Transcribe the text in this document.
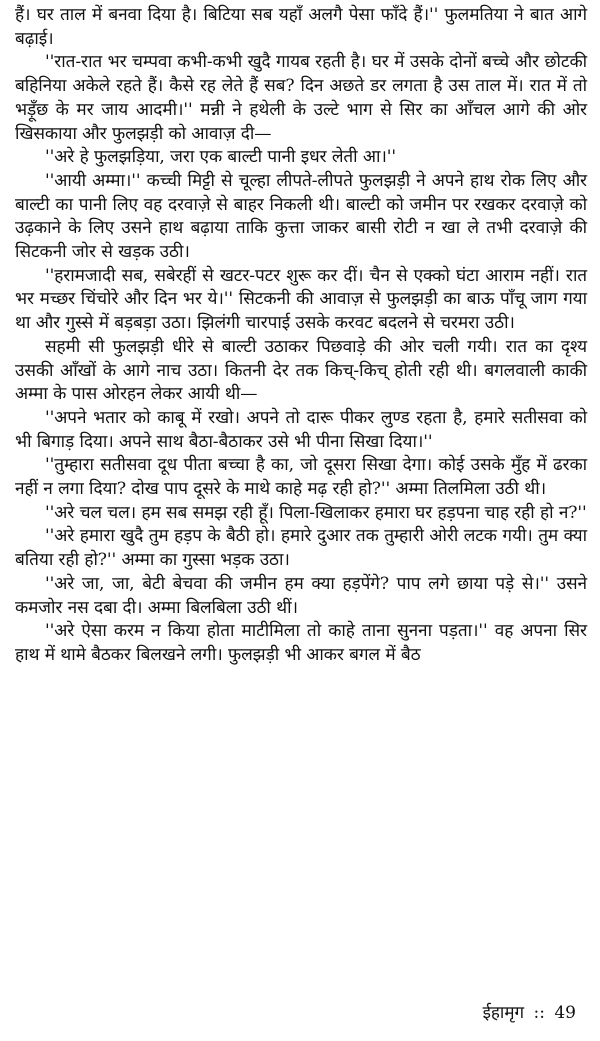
हैं। घर ताल में बनवा दिया है। बिटिया सब यहाँ अलगै पेसा फाँदे हैं।'' फुलमतिया ने बात आगे बढ़ाई।

''रात-रात भर चम्पवा कभी-कभी खुदै गायब रहती है। घर में उसके दोनों बच्चे और छोटकी बहिनिया अकेले रहते हैं। कैसे रह लेते हैं सब? दिन अछते डर लगता है उस ताल में। रात में तो भड़ूँछ के मर जाय आदमी।'' मन्नी ने हथेली के उल्टे भाग से सिर का आँचल आगे की ओर खिसकाया और फुलझड़ी को आवाज़ दी—

''अरे हे फुलझड़िया, जरा एक बाल्टी पानी इधर लेती आ।''

''आयी अम्मा।'' कच्ची मिट्टी से चूल्हा लीपते-लीपते फुलझड़ी ने अपने हाथ रोक लिए और बाल्टी का पानी लिए वह दरवाज़े से बाहर निकली थी। बाल्टी को जमीन पर रखकर दरवाज़े को उढ़काने के लिए उसने हाथ बढ़ाया ताकि कुत्ता जाकर बासी रोटी न खा ले तभी दरवाज़े की सिटकनी जोर से खड़क उठी।

''हरामजादी सब, सबेरहीं से खटर-पटर शुरू कर दीं। चैन से एक्को घंटा आराम नहीं। रात भर मच्छर चिंचोरे और दिन भर ये।'' सिटकनी की आवाज़ से फुलझड़ी का बाऊ पाँचू जाग गया था और गुस्से में बड़बड़ा उठा। झिलंगी चारपाई उसके करवट बदलने से चरमरा उठी।

सहमी सी फुलझड़ी धीरे से बाल्टी उठाकर पिछवाड़े की ओर चली गयी। रात का दृश्य उसकी आँखों के आगे नाच उठा। कितनी देर तक किच्-किच् होती रही थी। बगलवाली काकी अम्मा के पास ओरहन लेकर आयी थी—

''अपने भतार को काबू में रखो। अपने तो दारू पीकर लुण्ड रहता है, हमारे सतीसवा को भी बिगाड़ दिया। अपने साथ बैठा-बैठाकर उसे भी पीना सिखा दिया।''

''तुम्हारा सतीसवा दूध पीता बच्चा है का, जो दूसरा सिखा देगा। कोई उसके मुँह में ढरका नहीं न लगा दिया? दोख पाप दूसरे के माथे काहे मढ़ रही हो?'' अम्मा तिलमिला उठी थी।

''अरे चल चल। हम सब समझ रही हूँ। पिला-खिलाकर हमारा घर हड़पना चाह रही हो न?''

''अरे हमारा खुदै तुम हड़प के बैठी हो। हमारे दुआर तक तुम्हारी ओरी लटक गयी। तुम क्या बतिया रही हो?'' अम्मा का गुस्सा भड़क उठा।

''अरे जा, जा, बेटी बेचवा की जमीन हम क्या हड़पेंगे? पाप लगे छाया पड़े से।'' उसने कमजोर नस दबा दी। अम्मा बिलबिला उठी थीं।

''अरे ऐसा करम न किया होता माटीमिला तो काहे ताना सुनना पड़ता।'' वह अपना सिर हाथ में थामे बैठकर बिलखने लगी। फुलझड़ी भी आकर बगल में बैठ

ईहामृग :: 49
